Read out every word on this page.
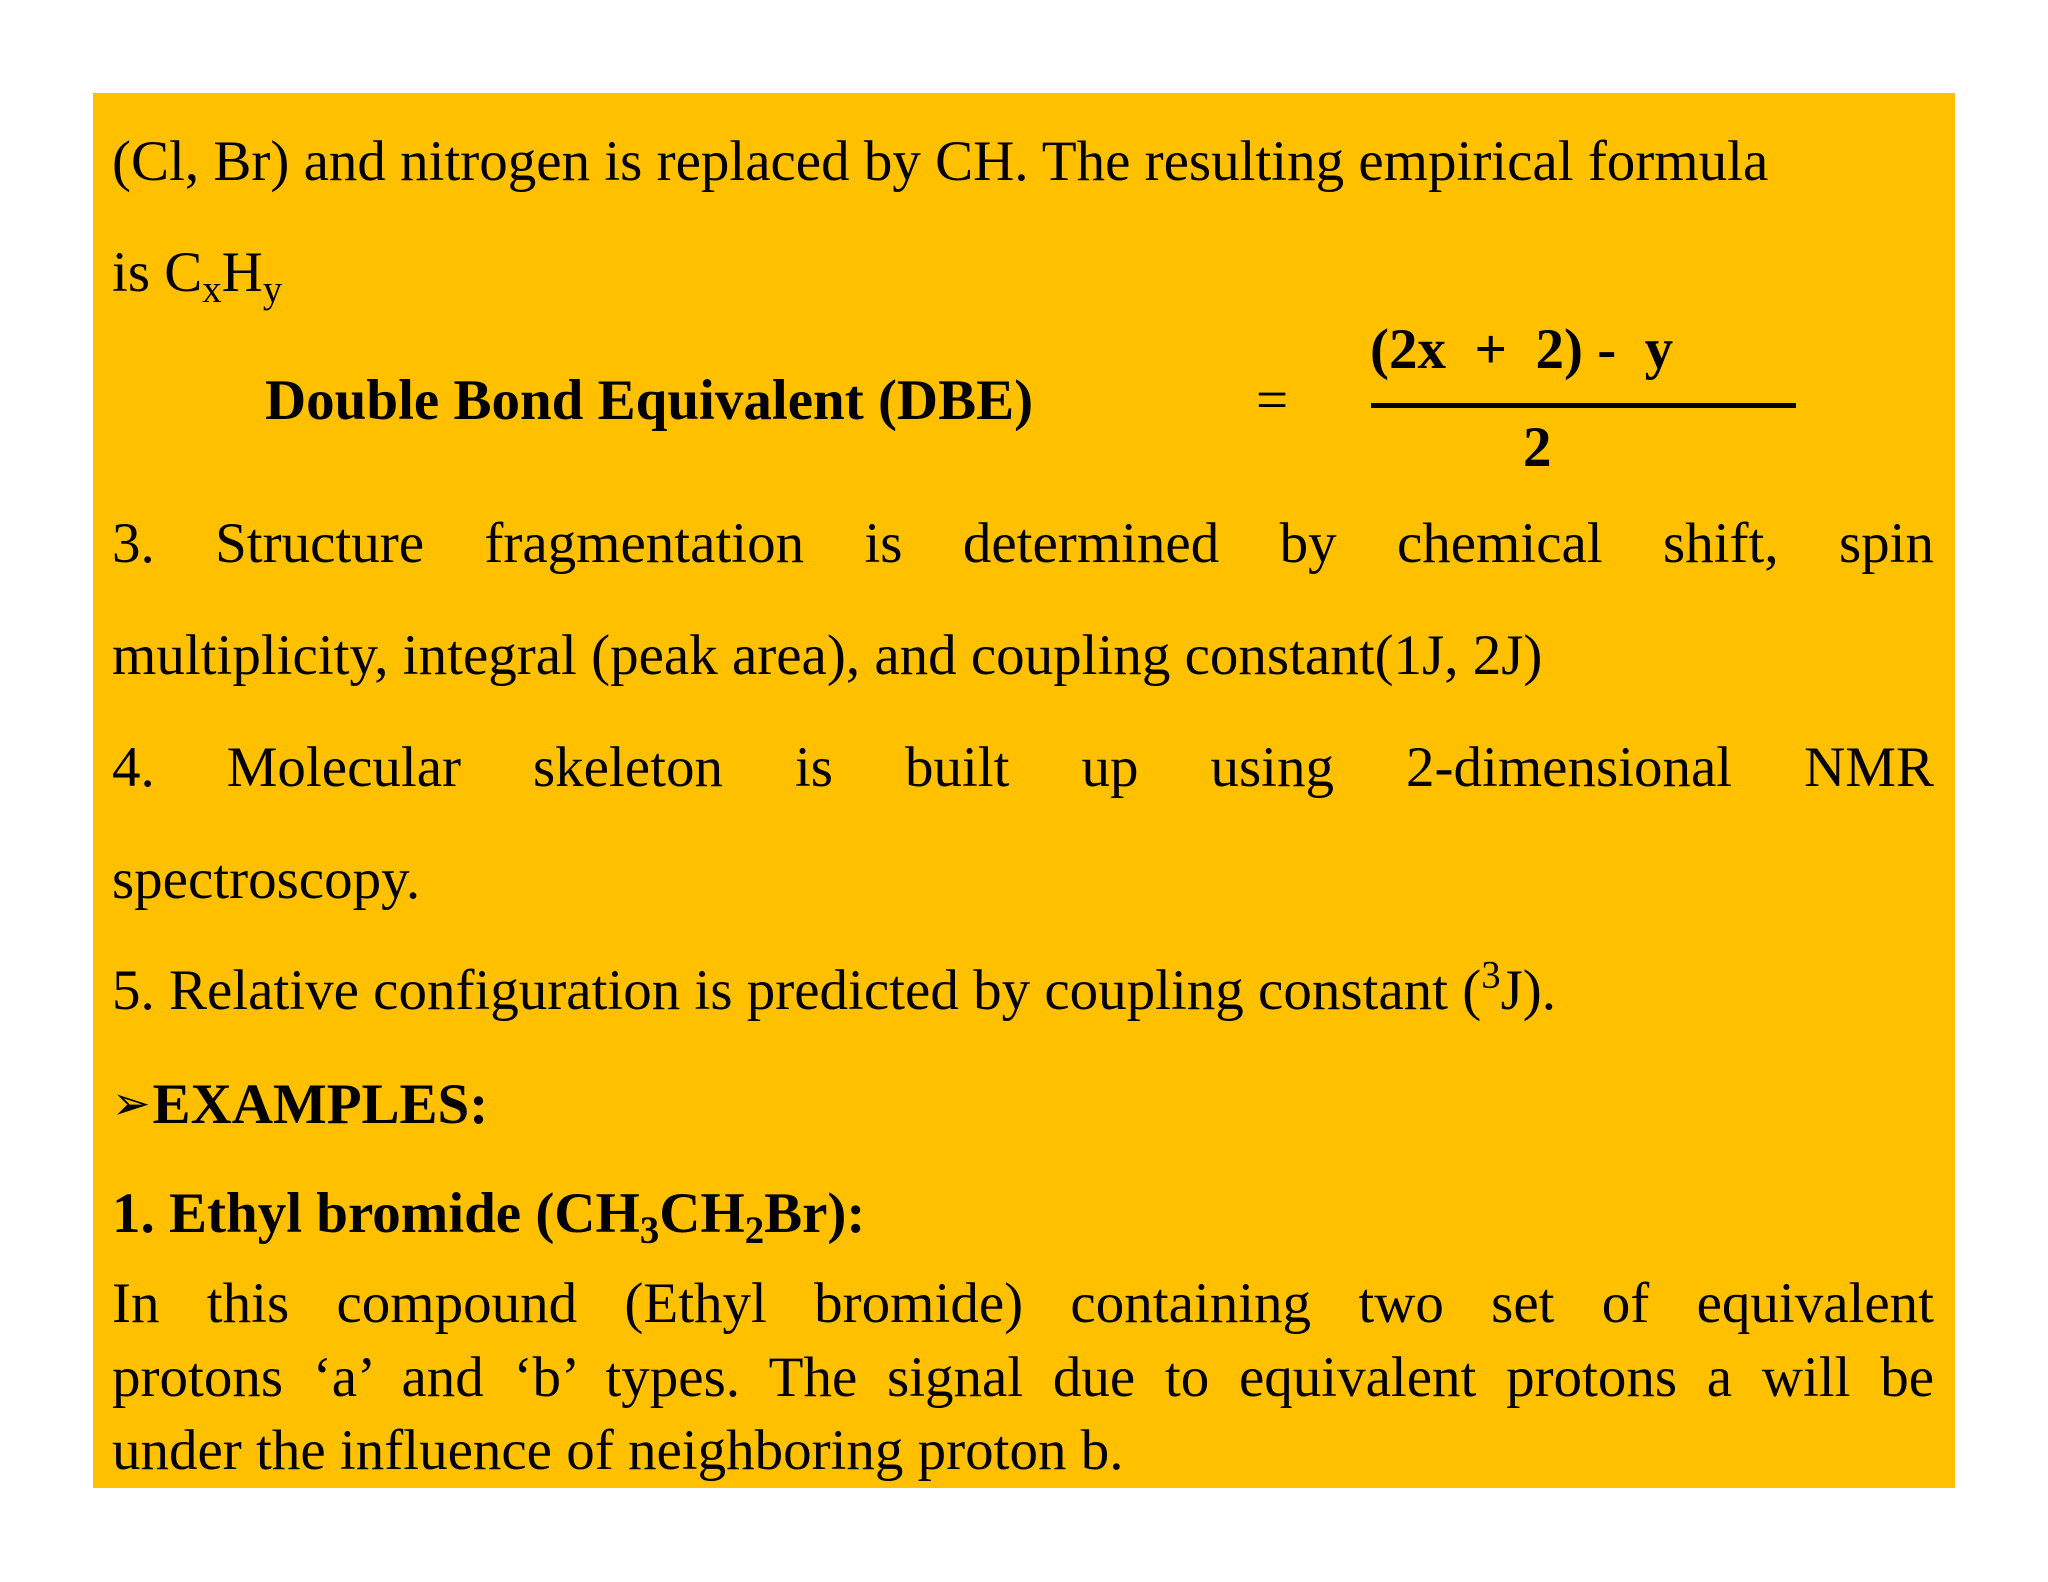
(Cl, Br) and nitrogen is replaced by CH. The resulting empirical formula
is $C_xH_y$
Double Bond Equivalent (DBE)	=
(2x  +  2) -  y
2
3. Structure fragmentation is determined by chemical shift, spin
multiplicity, integral (peak area), and coupling constant(1J, 2J)
4. Molecular skeleton is built up using 2-dimensional NMR
spectroscopy.
5. Relative configuration is predicted by coupling constant ($^3$J).
➢EXAMPLES:
1. Ethyl bromide $(CH_3CH_2Br)$:
In this compound (Ethyl bromide) containing two set of equivalent
protons ‘a’ and ‘b’ types. The signal due to equivalent protons a will be
under the influence of neighboring proton b.
